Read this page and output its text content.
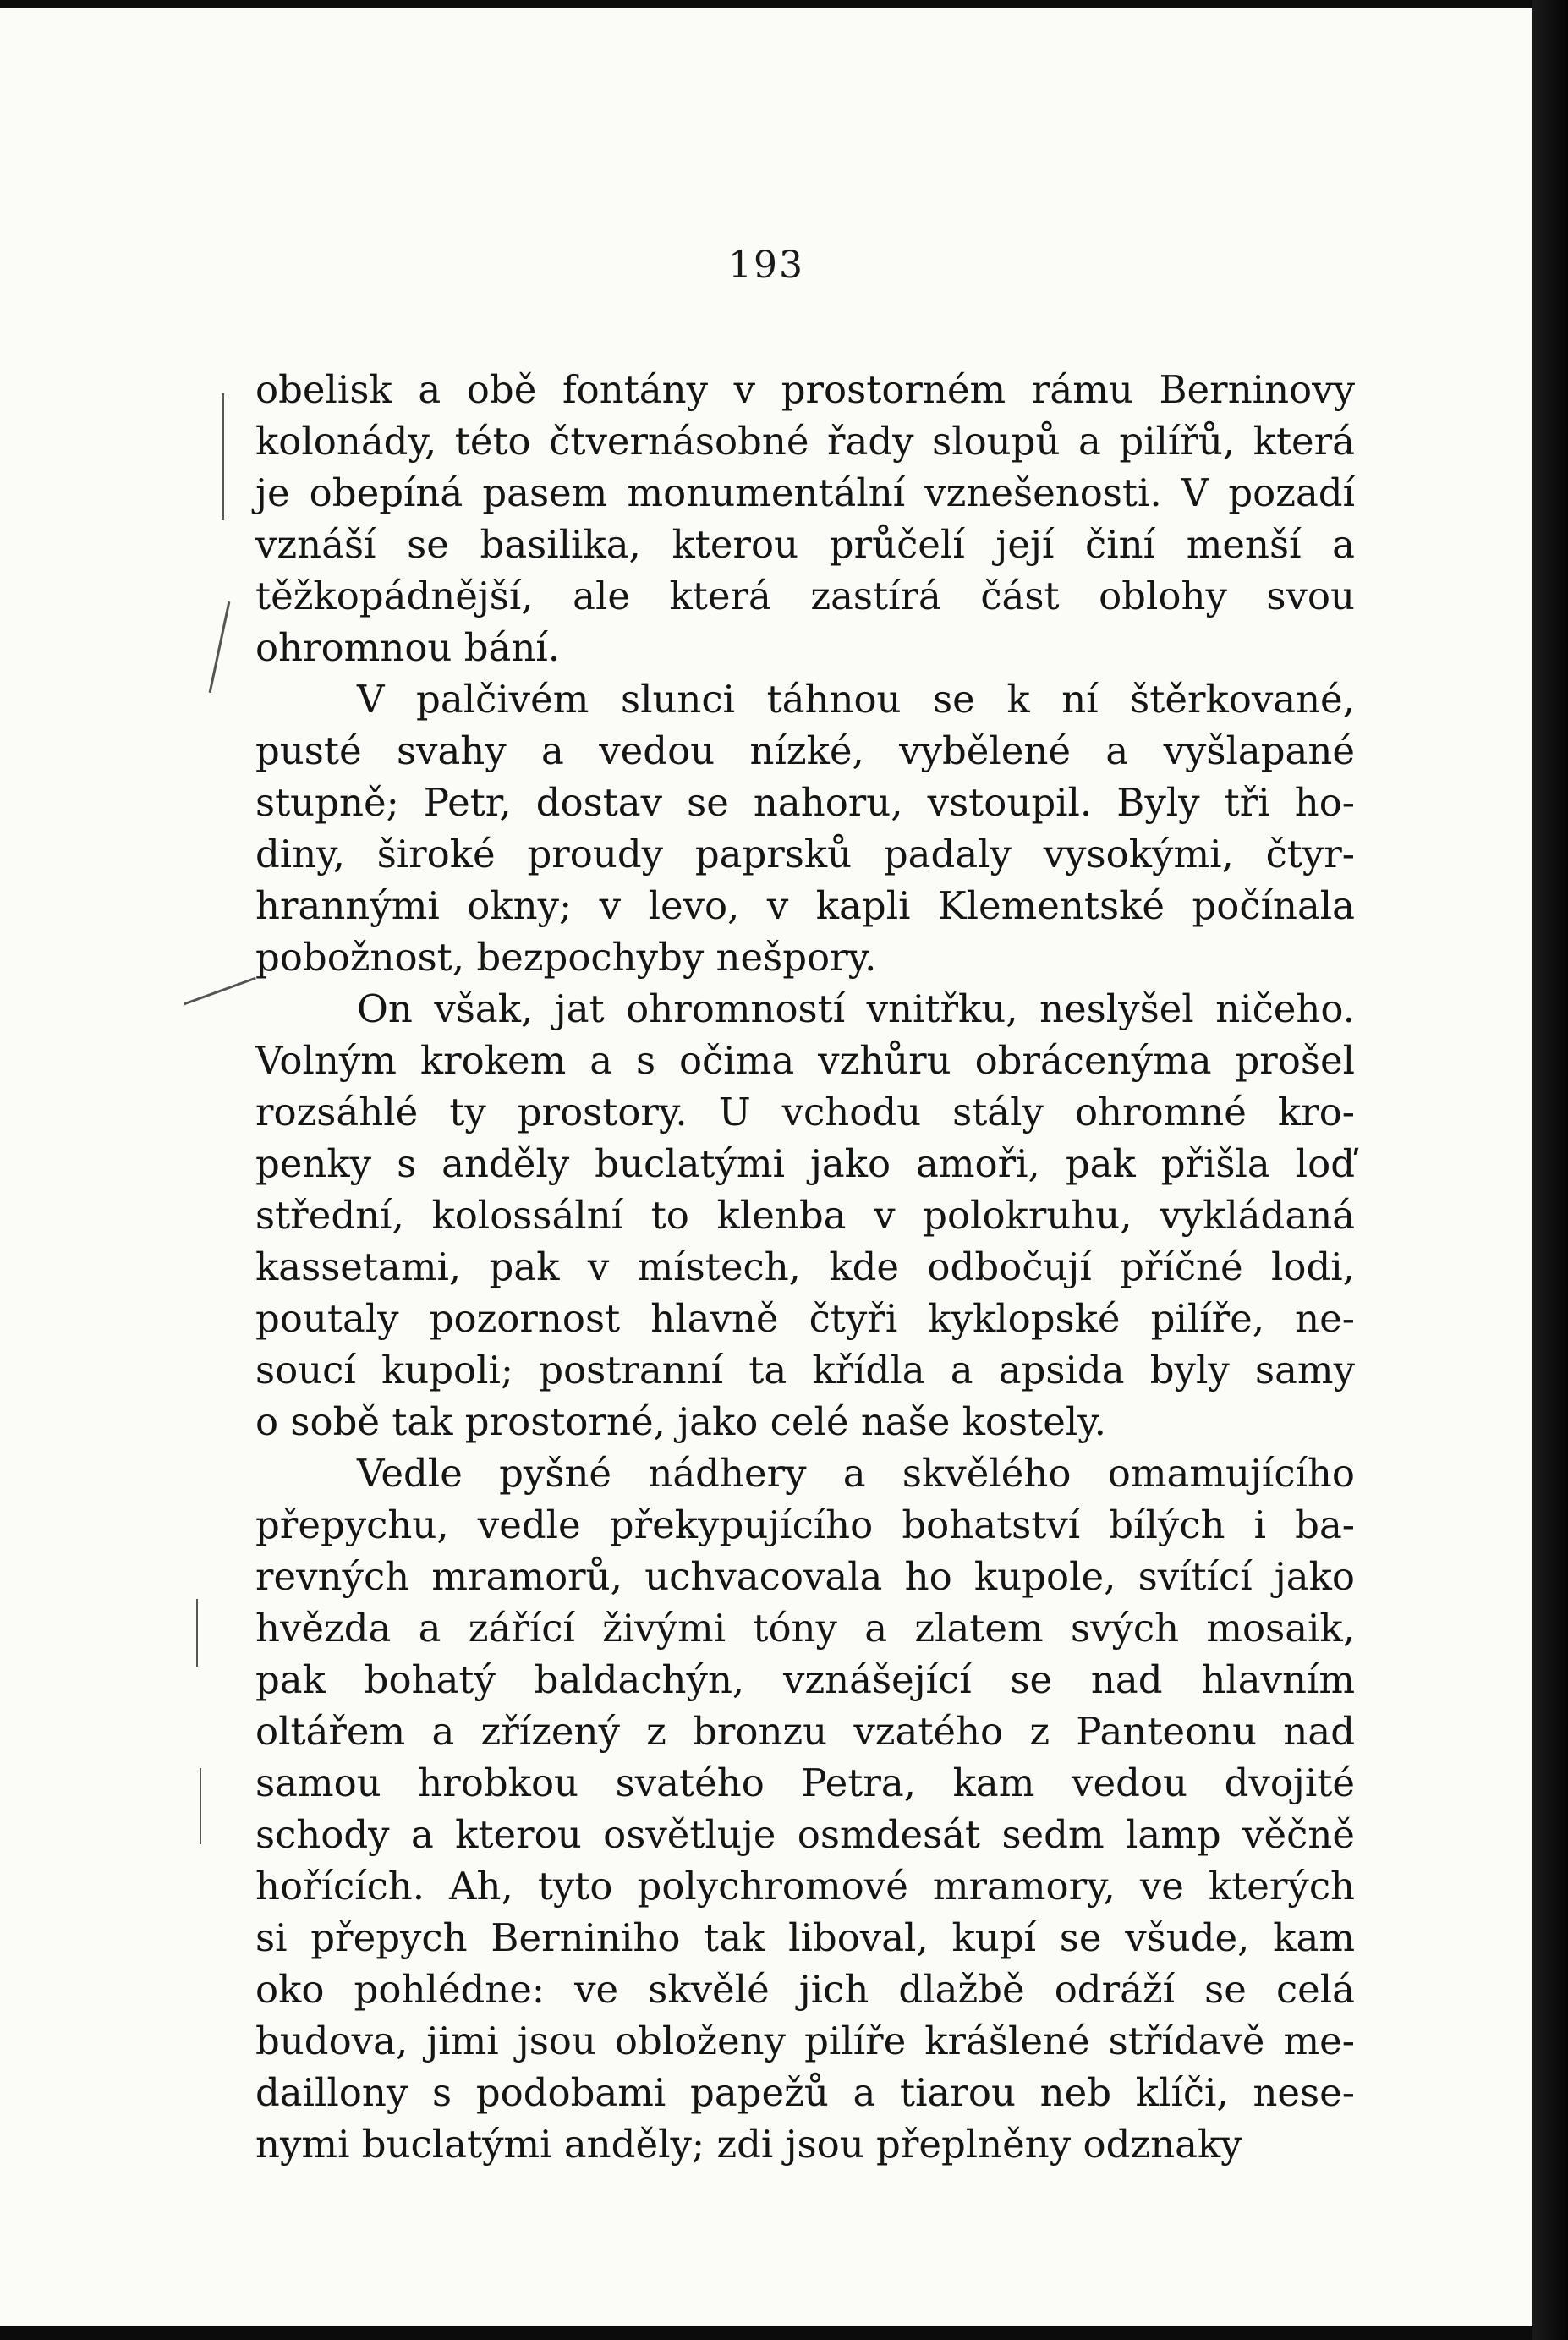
193
obelisk a obě fontány v prostorném rámu Berninovy
kolonády, této čtvernásobné řady sloupů a pilířů, která
je obepíná pasem monumentální vznešenosti. V pozadí
vznáší se basilika, kterou průčelí její činí menší a
těžkopádnější, ale která zastírá část oblohy svou
ohromnou bání.
V palčivém slunci táhnou se k ní štěrkované,
pusté svahy a vedou nízké, vybělené a vyšlapané
stupně; Petr, dostav se nahoru, vstoupil. Byly tři ho-
diny, široké proudy paprsků padaly vysokými, čtyr-
hrannými okny; v levo, v kapli Klementské počínala
pobožnost, bezpochyby nešpory.
On však, jat ohromností vnitřku, neslyšel ničeho.
Volným krokem a s očima vzhůru obrácenýma prošel
rozsáhlé ty prostory. U vchodu stály ohromné kro-
penky s anděly buclatými jako amoři, pak přišla loď
střední, kolossální to klenba v polokruhu, vykládaná
kassetami, pak v místech, kde odbočují příčné lodi,
poutaly pozornost hlavně čtyři kyklopské pilíře, ne-
soucí kupoli; postranní ta křídla a apsida byly samy
o sobě tak prostorné, jako celé naše kostely.
Vedle pyšné nádhery a skvělého omamujícího
přepychu, vedle překypujícího bohatství bílých i ba-
revných mramorů, uchvacovala ho kupole, svítící jako
hvězda a zářící živými tóny a zlatem svých mosaik,
pak bohatý baldachýn, vznášející se nad hlavním
oltářem a zřízený z bronzu vzatého z Panteonu nad
samou hrobkou svatého Petra, kam vedou dvojité
schody a kterou osvětluje osmdesát sedm lamp věčně
hořících. Ah, tyto polychromové mramory, ve kterých
si přepych Berniniho tak liboval, kupí se všude, kam
oko pohlédne: ve skvělé jich dlažbě odráží se celá
budova, jimi jsou obloženy pilíře krášlené střídavě me-
daillony s podobami papežů a tiarou neb klíči, nese-
nymi buclatými anděly; zdi jsou přeplněny odznaky
